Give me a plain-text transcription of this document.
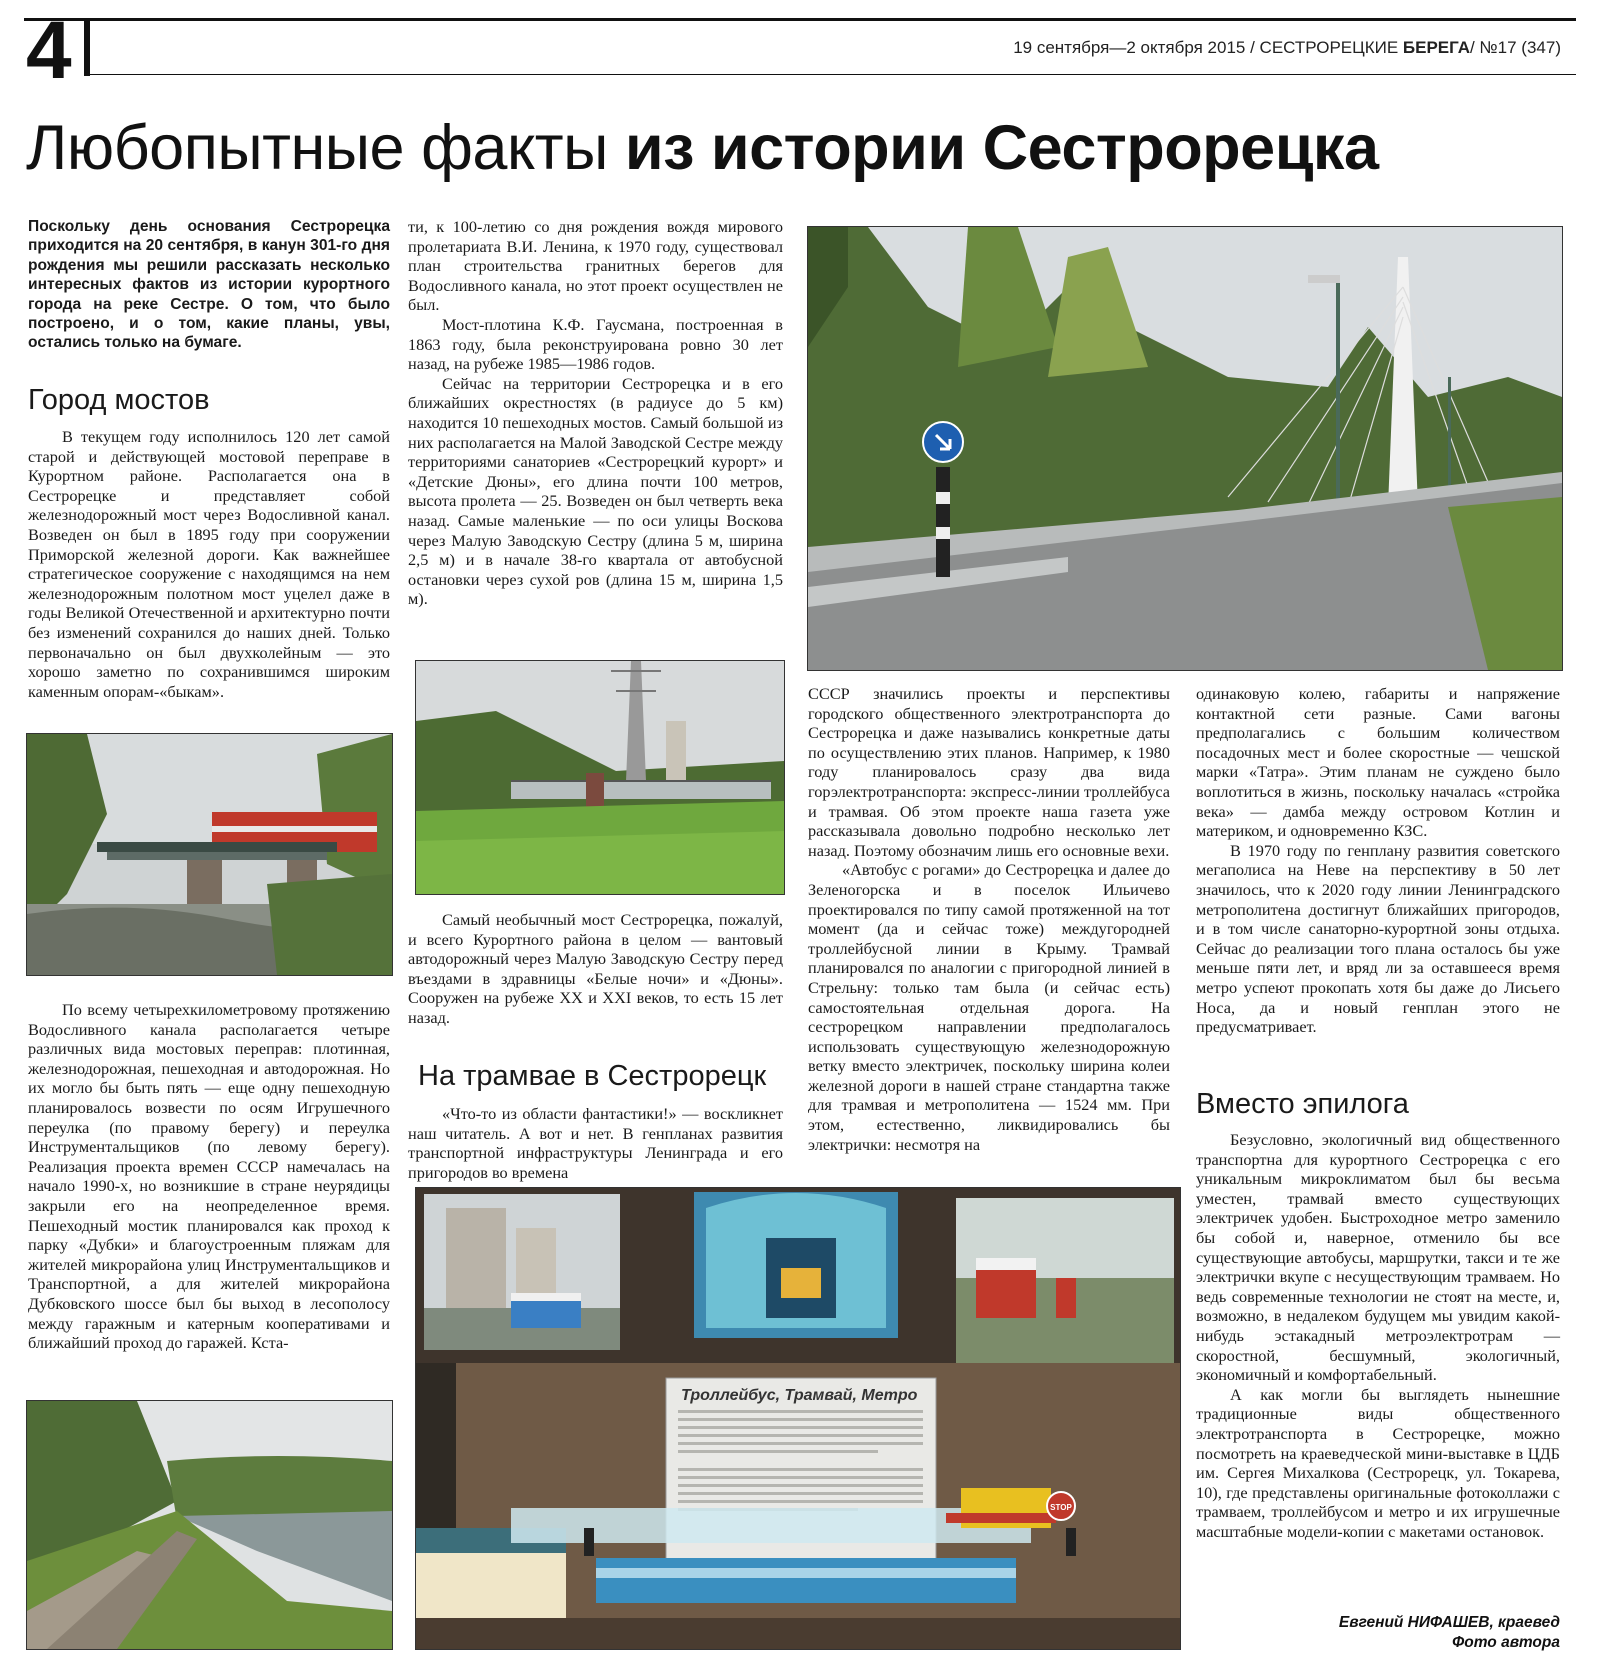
4	19 сентября—2 октября 2015 / СЕСТРОРЕЦКИЕ БЕРЕГА/ №17 (347)
Любопытные факты из истории Сестрорецка
Поскольку день основания Сестрорецка приходится на 20 сентября, в канун 301-го дня рождения мы решили рассказать несколько интересных фактов из истории курортного города на реке Сестре. О том, что было построено, и о том, какие планы, увы, остались только на бумаге.
Город мостов

В текущем году исполнилось 120 лет самой старой и действующей мостовой переправе в Курортном районе. Располагается она в Сестрорецке и представляет собой железнодорожный мост через Водосливной канал. Возведен он был в 1895 году при сооружении Приморской железной дороги. Как важнейшее стратегическое сооружение с находящимся на нем железнодорожным полотном мост уцелел даже в годы Великой Отечественной и архитектурно почти без изменений сохранился до наших дней. Только первоначально он был двухколейным — это хорошо заметно по сохранившимся широким каменным опорам-«быкам».

По всему четырехкилометровому протяжению Водосливного канала располагается четыре различных вида мостовых переправ: плотинная, железнодорожная, пешеходная и автодорожная. Но их могло бы быть пять — еще одну пешеходную планировалось возвести по осям Игрушечного переулка (по правому берегу) и переулка Инструментальщиков (по левому берегу). Реализация проекта времен СССР намечалась на начало 1990-х, но возникшие в стране неурядицы закрыли его на неопределенное время. Пешеходный мостик планировался как проход к парку «Дубки» и благоустроенным пляжам для жителей микрорайона улиц Инструментальщиков и Транспортной, а для жителей микрорайона Дубковского шоссе был бы выход в лесополосу между гаражным и катерным кооперативами и ближайший проход до гаражей. Кста-

ти, к 100-летию со дня рождения вождя мирового пролетариата В.И. Ленина, к 1970 году, существовал план строительства гранитных берегов для Водосливного канала, но этот проект осуществлен не был.

Мост-плотина К.Ф. Гаусмана, построенная в 1863 году, была реконструирована ровно 30 лет назад, на рубеже 1985—1986 годов.

Сейчас на территории Сестрорецка и в его ближайших окрестностях (в радиусе до 5 км) находится 10 пешеходных мостов. Самый большой из них располагается на Малой Заводской Сестре между территориями санаториев «Сестрорецкий курорт» и «Детские Дюны», его длина почти 100 метров, высота пролета — 25. Возведен он был четверть века назад. Самые маленькие — по оси улицы Воскова через Малую Заводскую Сестру (длина 5 м, ширина 2,5 м) и в начале 38-го квартала от автобусной остановки через сухой ров (длина 15 м, ширина 1,5 м).

Самый необычный мост Сестрорецка, пожалуй, и всего Курортного района в целом — вантовый автодорожный через Малую Заводскую Сестру перед въездами в здравницы «Белые ночи» и «Дюны». Сооружен на рубеже XX и XXI веков, то есть 15 лет назад.

На трамвае в Сестрорецк

«Что-то из области фантастики!» — воскликнет наш читатель. А вот и нет. В генпланах развития транспортной инфраструктуры Ленинграда и его пригородов во времена

СССР значились проекты и перспективы городского общественного электротранспорта до Сестрорецка и даже назывались конкретные даты по осуществлению этих планов. Например, к 1980 году планировалось сразу два вида горэлектротранспорта: экспресс-линии троллейбуса и трамвая. Об этом проекте наша газета уже рассказывала довольно подробно несколько лет назад. Поэтому обозначим лишь его основные вехи.

«Автобус с рогами» до Сестрорецка и далее до Зеленогорска и в поселок Ильичево проектировался по типу самой протяженной на тот момент (да и сейчас тоже) междугородней троллейбусной линии в Крыму. Трамвай планировался по аналогии с пригородной линией в Стрельну: только там была (и сейчас есть) самостоятельная отдельная дорога. На сестрорецком направлении предполагалось использовать существующую железнодорожную ветку вместо электричек, поскольку ширина колеи железной дороги в нашей стране стандартна также для трамвая и метрополитена — 1524 мм. При этом, естественно, ликвидировались бы электрички: несмотря на

одинаковую колею, габариты и напряжение контактной сети разные. Сами вагоны предполагались с большим количеством посадочных мест и более скоростные — чешской марки «Татра». Этим планам не суждено было воплотиться в жизнь, поскольку началась «стройка века» — дамба между островом Котлин и материком, и одновременно КЗС.

В 1970 году по генплану развития советского мегаполиса на Неве на перспективу в 50 лет значилось, что к 2020 году линии Ленинградского метрополитена достигнут ближайших пригородов, и в том числе санаторно-курортной зоны отдыха. Сейчас до реализации того плана осталось бы уже меньше пяти лет, и вряд ли за оставшееся время метро успеют прокопать хотя бы даже до Лисьего Носа, да и новый генплан этого не предусматривает.

Вместо эпилога

Безусловно, экологичный вид общественного транспортна для курортного Сестрорецка с его уникальным микроклиматом был бы весьма уместен, трамвай вместо существующих электричек удобен. Быстроходное метро заменило бы собой и, наверное, отменило бы все существующие автобусы, маршрутки, такси и те же электрички вкупе с несуществующим трамваем. Но ведь современные технологии не стоят на месте, и, возможно, в недалеком будущем мы увидим какой-нибудь эстакадный метроэлектротрам — скоростной, бесшумный, экологичный, экономичный и комфортабельный.

А как могли бы выглядеть нынешние традиционные виды общественного электротранспорта в Сестрорецке, можно посмотреть на краеведческой мини-выставке в ЦДБ им. Сергея Михалкова (Сестрорецк, ул. Токарева, 10), где представлены оригинальные фотоколлажи с трамваем, троллейбусом и метро и их игрушечные масштабные модели-копии с макетами остановок.

Троллейбус, Трамвай, Метро
STOP
Евгений НИФАШЕВ, краевед
Фото автора
